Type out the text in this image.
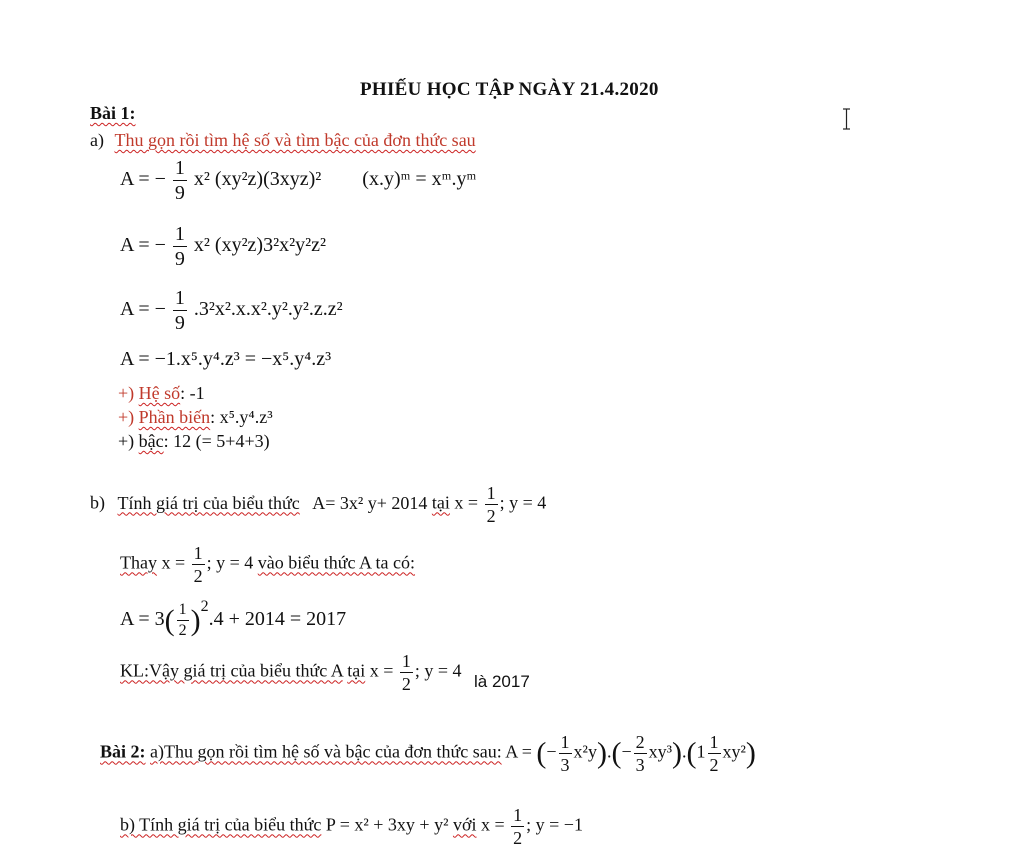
PHIẾU HỌC TẬP NGÀY 21.4.2020
Bài 1:
a) Thu gọn rồi tìm hệ số và tìm bậc của đơn thức sau
A = − $\frac{1}{9} x^2$ (xy²z)(3xyz)² (x.y)ᵐ = xᵐ.yᵐ
A = − $\frac{1}{9} x^2$ (xy²z)3²x²y²z²
A = − $\frac{1}{9} .3^2x^2.x.x^2.y^2.y^2.z.z^2$
A = −1.x⁵.y⁴.z³ = −x⁵.y⁴.z³
+) Hệ số: -1
+) Phần biến: x⁵.y⁴.z³
+) bậc: 12 (= 5+4+3)
b) Tính giá trị của biểu thức A= 3x² y+ 2014 tại $x = \frac{1}{2}$ ; y = 4
Thay $x = \frac{1}{2}$ ; y = 4 vào biểu thức A ta có:
$A = 3( \frac{1}{2} )^2.4 + 2014 = 2017$
KL:Vậy giá trị của biểu thức A tại $x = \frac{1}{2}$ ; y = 4 là 2017
Bài 2: a)Thu gọn rồi tìm hệ số và bậc của đơn thức sau: A = (− $\frac{1}{3} x^2y).(- \frac{2}{3} xy^3).(1 \frac{1}{2} xy^2)$
b) Tính giá trị của biểu thức P = x² + 3xy + y² với $x = \frac{1}{2}$ ; y = −1
